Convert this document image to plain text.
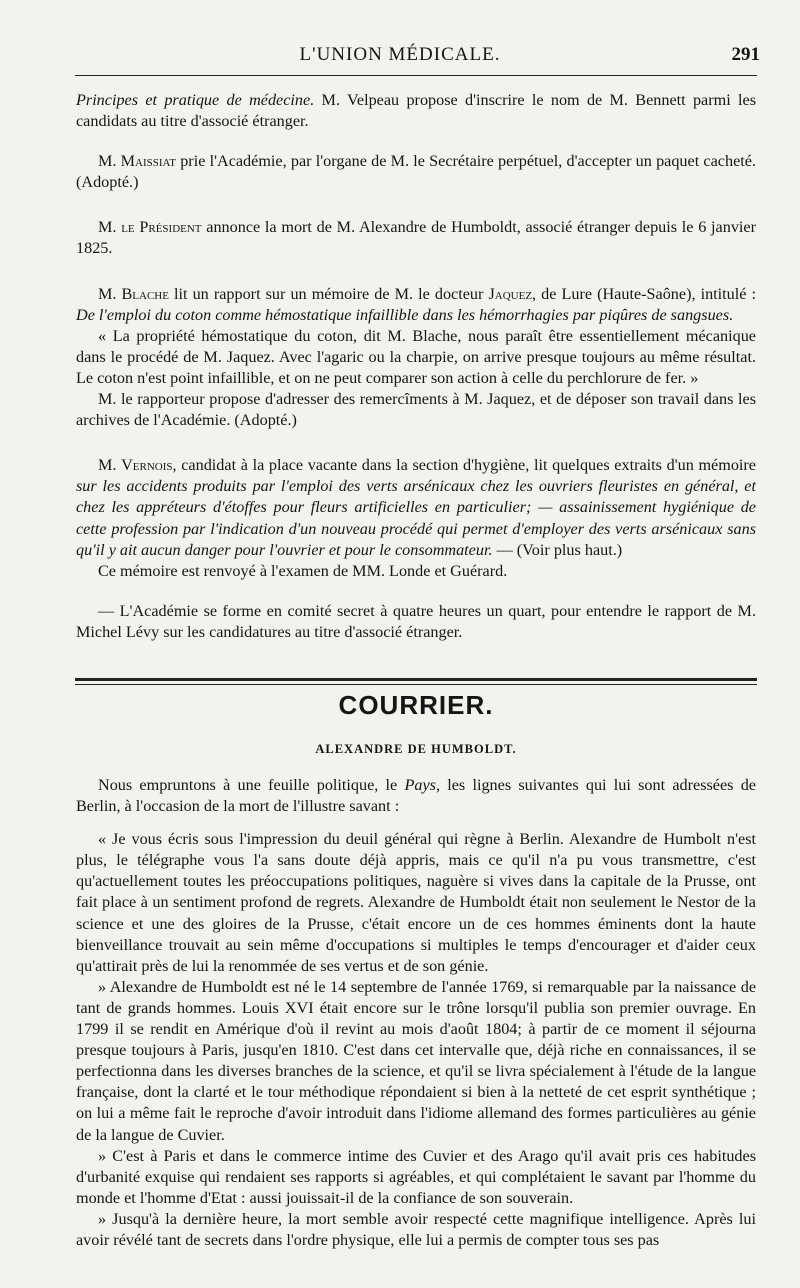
L'UNION MÉDICALE.	291

Principes et pratique de médecine. M. Velpeau propose d'inscrire le nom de M. Bennett parmi les candidats au titre d'associé étranger.

M. Maissiat prie l'Académie, par l'organe de M. le Secrétaire perpétuel, d'accepter un paquet cacheté. (Adopté.)

M. le Président annonce la mort de M. Alexandre de Humboldt, associé étranger depuis le 6 janvier 1825.

M. Blache lit un rapport sur un mémoire de M. le docteur Jaquez, de Lure (Haute-Saône), intitulé : De l'emploi du coton comme hémostatique infaillible dans les hémorrhagies par piqûres de sangsues.

« La propriété hémostatique du coton, dit M. Blache, nous paraît être essentiellement mécanique dans le procédé de M. Jaquez. Avec l'agaric ou la charpie, on arrive presque toujours au même résultat. Le coton n'est point infaillible, et on ne peut comparer son action à celle du perchlorure de fer. »

M. le rapporteur propose d'adresser des remercîments à M. Jaquez, et de déposer son travail dans les archives de l'Académie. (Adopté.)

M. Vernois, candidat à la place vacante dans la section d'hygiène, lit quelques extraits d'un mémoire sur les accidents produits par l'emploi des verts arsénicaux chez les ouvriers fleuristes en général, et chez les appréteurs d'étoffes pour fleurs artificielles en particulier; — assainissement hygiénique de cette profession par l'indication d'un nouveau procédé qui permet d'employer des verts arsénicaux sans qu'il y ait aucun danger pour l'ouvrier et pour le consommateur. — (Voir plus haut.)

Ce mémoire est renvoyé à l'examen de MM. Londe et Guérard.

— L'Académie se forme en comité secret à quatre heures un quart, pour entendre le rapport de M. Michel Lévy sur les candidatures au titre d'associé étranger.

COURRIER.
ALEXANDRE DE HUMBOLDT.

Nous empruntons à une feuille politique, le Pays, les lignes suivantes qui lui sont adressées de Berlin, à l'occasion de la mort de l'illustre savant :

« Je vous écris sous l'impression du deuil général qui règne à Berlin. Alexandre de Humbolt n'est plus, le télégraphe vous l'a sans doute déjà appris, mais ce qu'il n'a pu vous transmettre, c'est qu'actuellement toutes les préoccupations politiques, naguère si vives dans la capitale de la Prusse, ont fait place à un sentiment profond de regrets. Alexandre de Humboldt était non seulement le Nestor de la science et une des gloires de la Prusse, c'était encore un de ces hommes éminents dont la haute bienveillance trouvait au sein même d'occupations si multiples le temps d'encourager et d'aider ceux qu'attirait près de lui la renommée de ses vertus et de son génie.

» Alexandre de Humboldt est né le 14 septembre de l'année 1769, si remarquable par la naissance de tant de grands hommes. Louis XVI était encore sur le trône lorsqu'il publia son premier ouvrage. En 1799 il se rendit en Amérique d'où il revint au mois d'août 1804; à partir de ce moment il séjourna presque toujours à Paris, jusqu'en 1810. C'est dans cet intervalle que, déjà riche en connaissances, il se perfectionna dans les diverses branches de la science, et qu'il se livra spécialement à l'étude de la langue française, dont la clarté et le tour méthodique répondaient si bien à la netteté de cet esprit synthétique ; on lui a même fait le reproche d'avoir introduit dans l'idiome allemand des formes particulières au génie de la langue de Cuvier.

» C'est à Paris et dans le commerce intime des Cuvier et des Arago qu'il avait pris ces habitudes d'urbanité exquise qui rendaient ses rapports si agréables, et qui complétaient le savant par l'homme du monde et l'homme d'Etat : aussi jouissait-il de la confiance de son souverain.

» Jusqu'à la dernière heure, la mort semble avoir respecté cette magnifique intelligence. Après lui avoir révélé tant de secrets dans l'ordre physique, elle lui a permis de compter tous ses pas
